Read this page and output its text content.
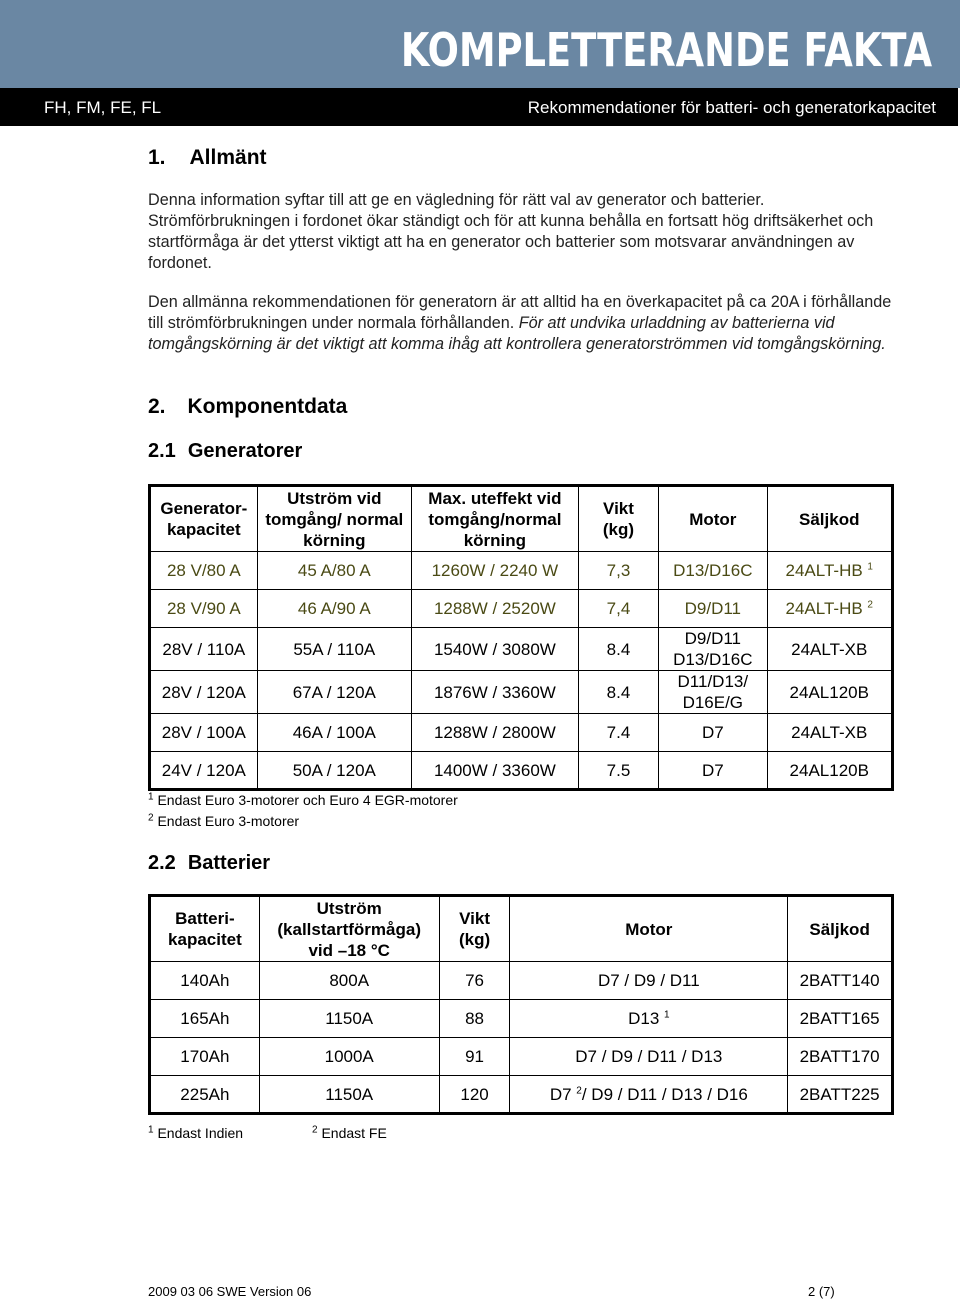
KOMPLETTERANDE FAKTA
FH, FM, FE, FL	Rekommendationer för batteri- och generatorkapacitet
1. Allmänt

Denna information syftar till att ge en vägledning för rätt val av generator och batterier. Strömförbrukningen i fordonet ökar ständigt och för att kunna behålla en fortsatt hög driftsäkerhet och startförmåga är det ytterst viktigt att ha en generator och batterier som motsvarar användningen av fordonet.

Den allmänna rekommendationen för generatorn är att alltid ha en överkapacitet på ca 20A i förhållande till strömförbrukningen under normala förhållanden. För att undvika urladdning av batterierna vid tomgångskörning är det viktigt att komma ihåg att kontrollera generatorströmmen vid tomgångskörning.

2. Komponentdata
2.1 Generatorer
Generator-kapacitet	Utström vid tomgång/ normal körning	Max. uteffekt vid tomgång/normal körning	Vikt (kg)	Motor	Säljkod
28 V/80 A	45 A/80 A	1260W / 2240 W	7,3	D13/D16C	24ALT-HB $^1$
28 V/90 A	46 A/90 A	1288W / 2520W	7,4	D9/D11	24ALT-HB $^2$
28V / 110A	55A / 110A	1540W / 3080W	8.4	D9/D11 D13/D16C	24ALT-XB
28V / 120A	67A / 120A	1876W / 3360W	8.4	D11/D13/ D16E/G	24AL120B
28V / 100A	46A / 100A	1288W / 2800W	7.4	D7	24ALT-XB
24V / 120A	50A / 120A	1400W / 3360W	7.5	D7	24AL120B
$^1$ Endast Euro 3-motorer och Euro 4 EGR-motorer
$^2$ Endast Euro 3-motorer
2.2 Batterier
Batteri-kapacitet	Utström (kallstartförmåga) vid –18 °C	Vikt (kg)	Motor	Säljkod
140Ah	800A	76	D7 / D9 / D11	2BATT140
165Ah	1150A	88	D13 $^1$	2BATT165
170Ah	1000A	91	D7 / D9 / D11 / D13	2BATT170
225Ah	1150A	120	D7 $^2$/ D9 / D11 / D13 / D16	2BATT225
$^1$ Endast Indien	$^2$ Endast FE
2009 03 06 SWE Version 06	2 (7)
